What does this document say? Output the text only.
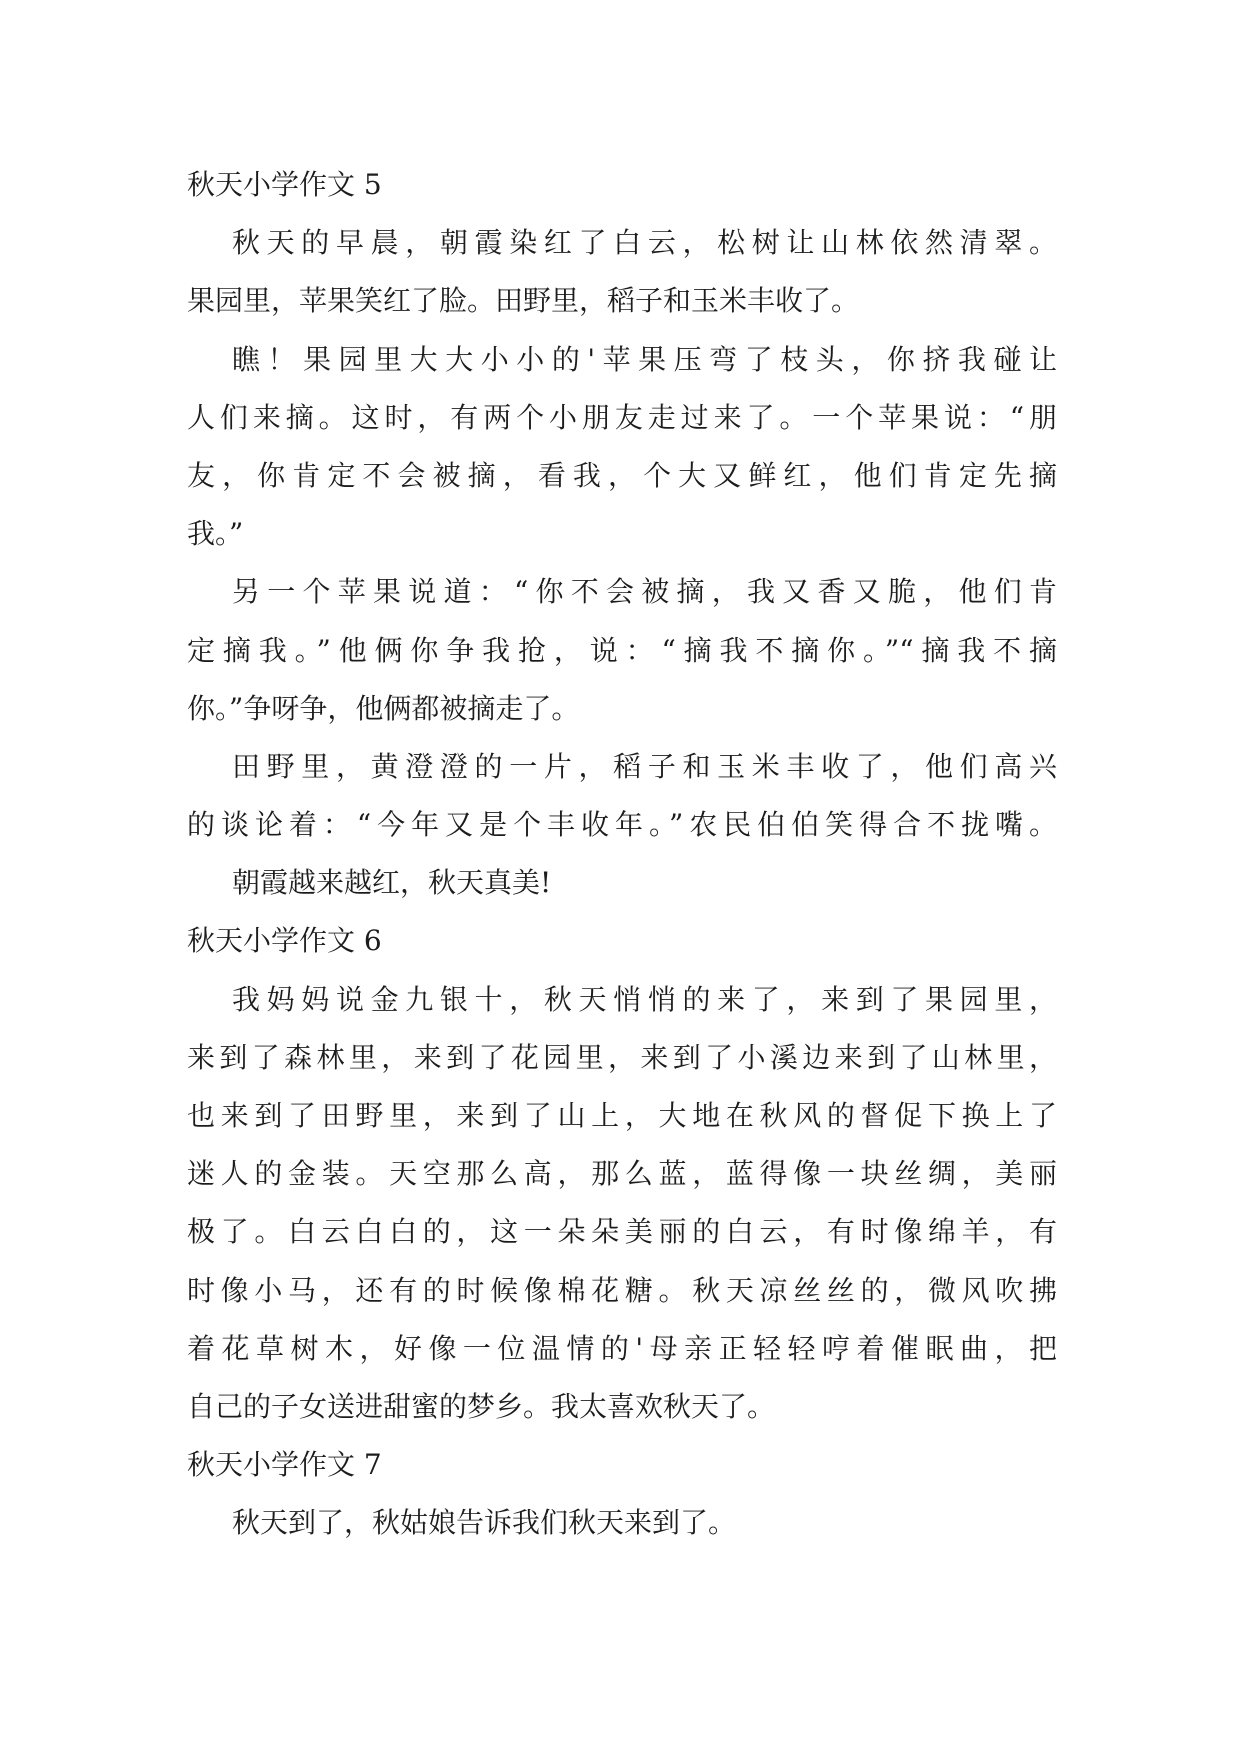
秋天小学作文 5
秋天的早晨，朝霞染红了白云，松树让山林依然清翠。
果园里，苹果笑红了脸。田野里，稻子和玉米丰收了。
瞧！果园里大大小小的'苹果压弯了枝头，你挤我碰让
人们来摘。这时，有两个小朋友走过来了。一个苹果说：“朋
友，你肯定不会被摘，看我，个大又鲜红，他们肯定先摘
我。”
另一个苹果说道：“你不会被摘，我又香又脆，他们肯
定摘我。”他俩你争我抢，说：“摘我不摘你。”“摘我不摘
你。”争呀争，他俩都被摘走了。
田野里，黄澄澄的一片，稻子和玉米丰收了，他们高兴
的谈论着：“今年又是个丰收年。”农民伯伯笑得合不拢嘴。
朝霞越来越红，秋天真美!
秋天小学作文 6
我妈妈说金九银十，秋天悄悄的来了，来到了果园里，
来到了森林里，来到了花园里，来到了小溪边来到了山林里，
也来到了田野里，来到了山上，大地在秋风的督促下换上了
迷人的金装。天空那么高，那么蓝，蓝得像一块丝绸，美丽
极了。白云白白的，这一朵朵美丽的白云，有时像绵羊，有
时像小马，还有的时候像棉花糖。秋天凉丝丝的，微风吹拂
着花草树木，好像一位温情的'母亲正轻轻哼着催眠曲，把
自己的子女送进甜蜜的梦乡。我太喜欢秋天了。
秋天小学作文 7
秋天到了，秋姑娘告诉我们秋天来到了。
